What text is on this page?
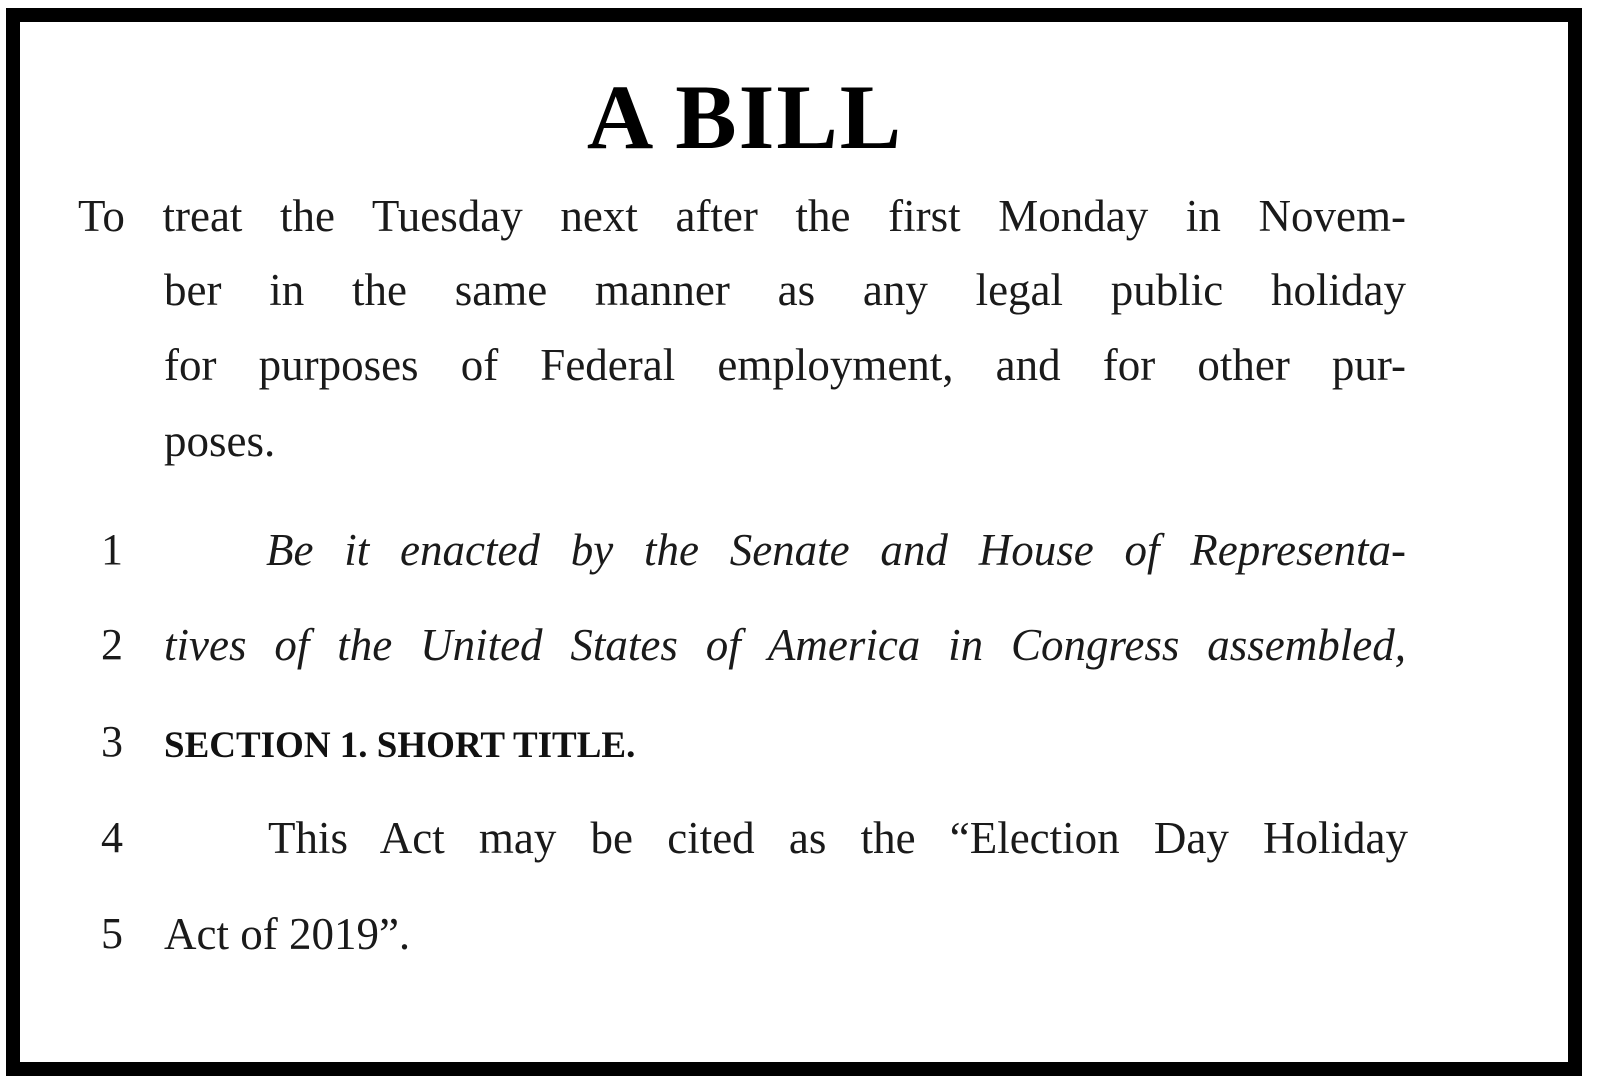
A BILL
To treat the Tuesday next after the first Monday in Novem-
ber in the same manner as any legal public holiday
for purposes of Federal employment, and for other pur-
poses.
1	Be it enacted by the Senate and House of Representa-
2 tives of the United States of America in Congress assembled,
3	SECTION 1. SHORT TITLE.
4	This Act may be cited as the “Election Day Holiday
5 Act of 2019”.
